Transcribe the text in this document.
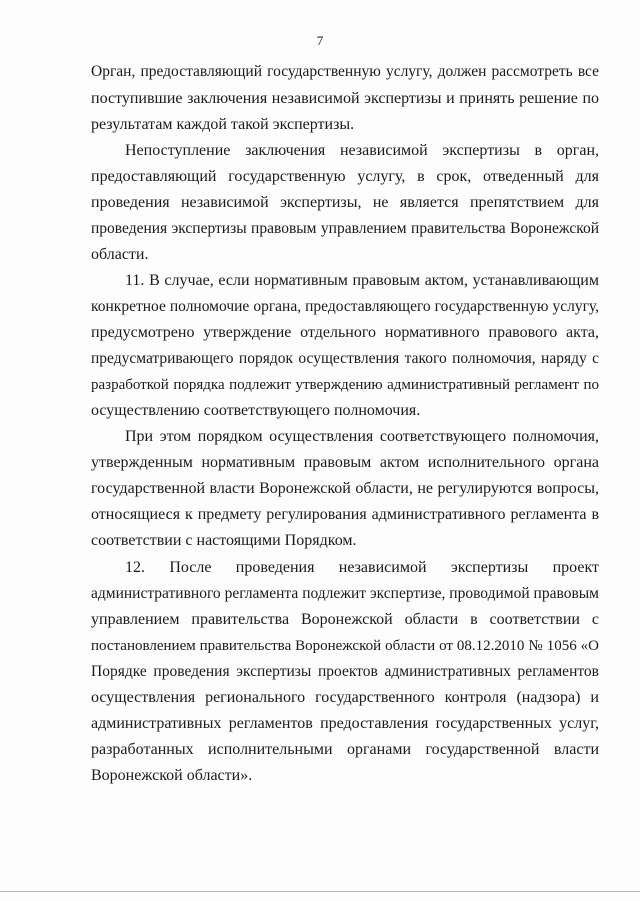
7
Орган, предоставляющий государственную услугу, должен рассмотреть все
поступившие заключения независимой экспертизы и принять решение по
результатам каждой такой экспертизы.
Непоступление заключения независимой экспертизы в орган,
предоставляющий государственную услугу, в срок, отведенный для
проведения независимой экспертизы, не является препятствием для
проведения экспертизы правовым управлением правительства Воронежской
области.
11. В случае, если нормативным правовым актом, устанавливающим
конкретное полномочие органа, предоставляющего государственную услугу,
предусмотрено утверждение отдельного нормативного правового акта,
предусматривающего порядок осуществления такого полномочия, наряду с
разработкой порядка подлежит утверждению административный регламент по
осуществлению соответствующего полномочия.
При этом порядком осуществления соответствующего полномочия,
утвержденным нормативным правовым актом исполнительного органа
государственной власти Воронежской области, не регулируются вопросы,
относящиеся к предмету регулирования административного регламента в
соответствии с настоящими Порядком.
12. После проведения независимой экспертизы проект
административного регламента подлежит экспертизе, проводимой правовым
управлением правительства Воронежской области в соответствии с
постановлением правительства Воронежской области от 08.12.2010 № 1056 «О
Порядке проведения экспертизы проектов административных регламентов
осуществления регионального государственного контроля (надзора) и
административных регламентов предоставления государственных услуг,
разработанных исполнительными органами государственной власти
Воронежской области».
